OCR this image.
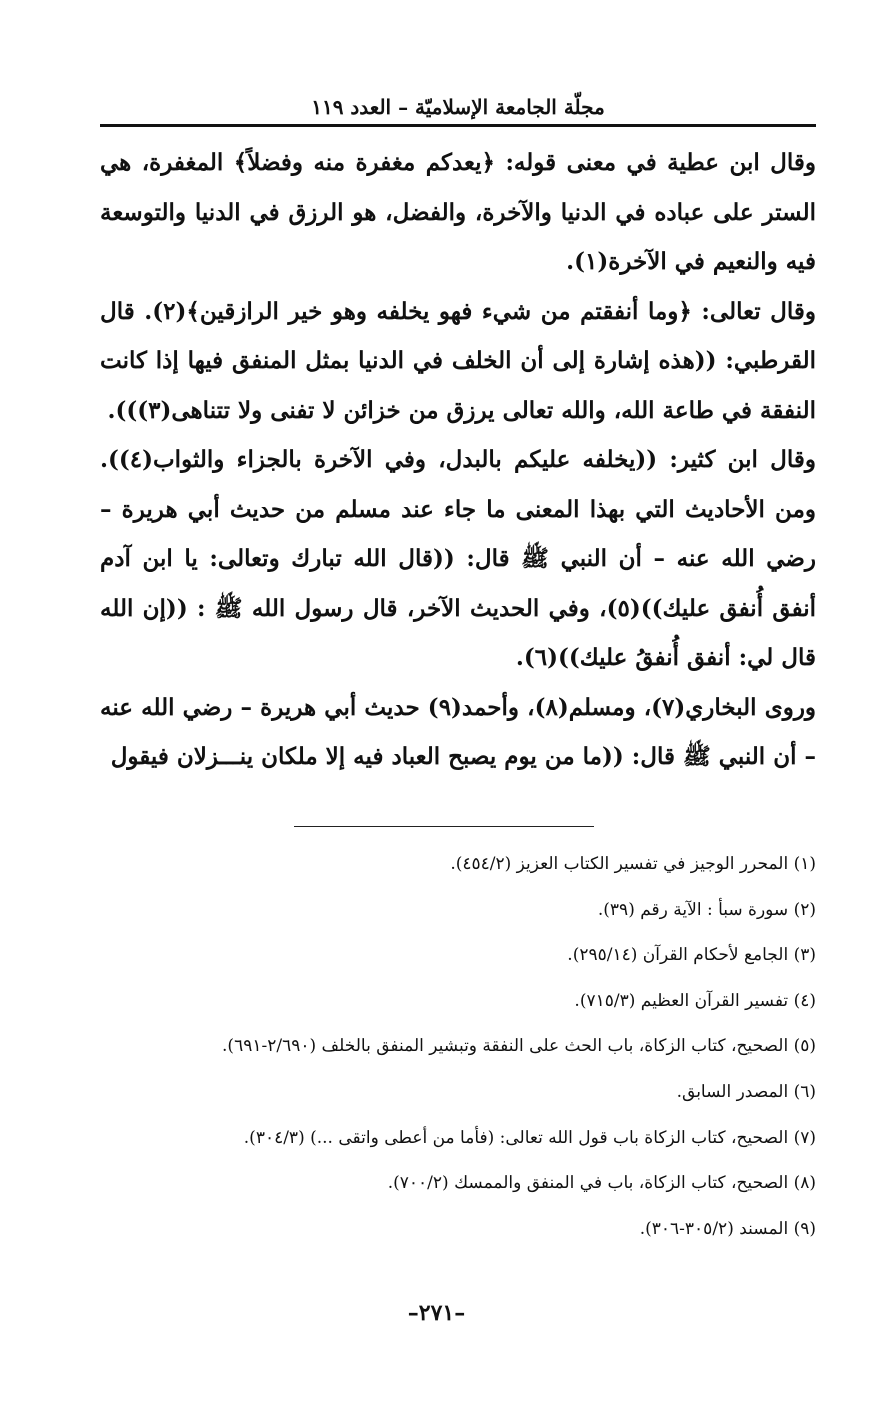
مجلّة الجامعة الإسلاميّة – العدد ١١٩

وقال ابن عطية في معنى قوله: ﴿يعدكم مغفرة منه وفضلاً﴾ المغفرة، هي الستر على عباده في الدنيا والآخرة، والفضل، هو الرزق في الدنيا والتوسعة فيه والنعيم في الآخرة(١).

وقال تعالى: ﴿وما أنفقتم من شيء فهو يخلفه وهو خير الرازقين﴾(٢). قال القرطبي: ((هذه إشارة إلى أن الخلف في الدنيا بمثل المنفق فيها إذا كانت النفقة في طاعة الله، والله تعالى يرزق من خزائن لا تفنى ولا تتناهى(٣))).

وقال ابن كثير: ((يخلفه عليكم بالبدل، وفي الآخرة بالجزاء والثواب(٤)). ومن الأحاديث التي بهذا المعنى ما جاء عند مسلم من حديث أبي هريرة – رضي الله عنه – أن النبي ﷺ قال: ((قال الله تبارك وتعالى: يا ابن آدم أنفق أُنفق عليك))(٥)، وفي الحديث الآخر، قال رسول الله ﷺ : ((إن الله قال لي: أنفق أُنفقُ عليك))(٦).

وروى البخاري(٧)، ومسلم(٨)، وأحمد(٩) حديث أبي هريرة – رضي الله عنه – أن النبي ﷺ قال: ((ما من يوم يصبح العباد فيه إلا ملكان ينـــزلان فيقول

(١) المحرر الوجيز في تفسير الكتاب العزيز (٤٥٤/٢).
(٢) سورة سبأ : الآية رقم (٣٩).
(٣) الجامع لأحكام القرآن (٢٩٥/١٤).
(٤) تفسير القرآن العظيم (٧١٥/٣).
(٥) الصحيح، كتاب الزكاة، باب الحث على النفقة وتبشير المنفق بالخلف (٢/٦٩٠-٦٩١).
(٦) المصدر السابق.
(٧) الصحيح، كتاب الزكاة باب قول الله تعالى: (فأما من أعطى واتقى ...) (٣٠٤/٣).
(٨) الصحيح، كتاب الزكاة، باب في المنفق والممسك (٧٠٠/٢).
(٩) المسند (٣٠٥/٢-٣٠٦).
–٢٧١–
